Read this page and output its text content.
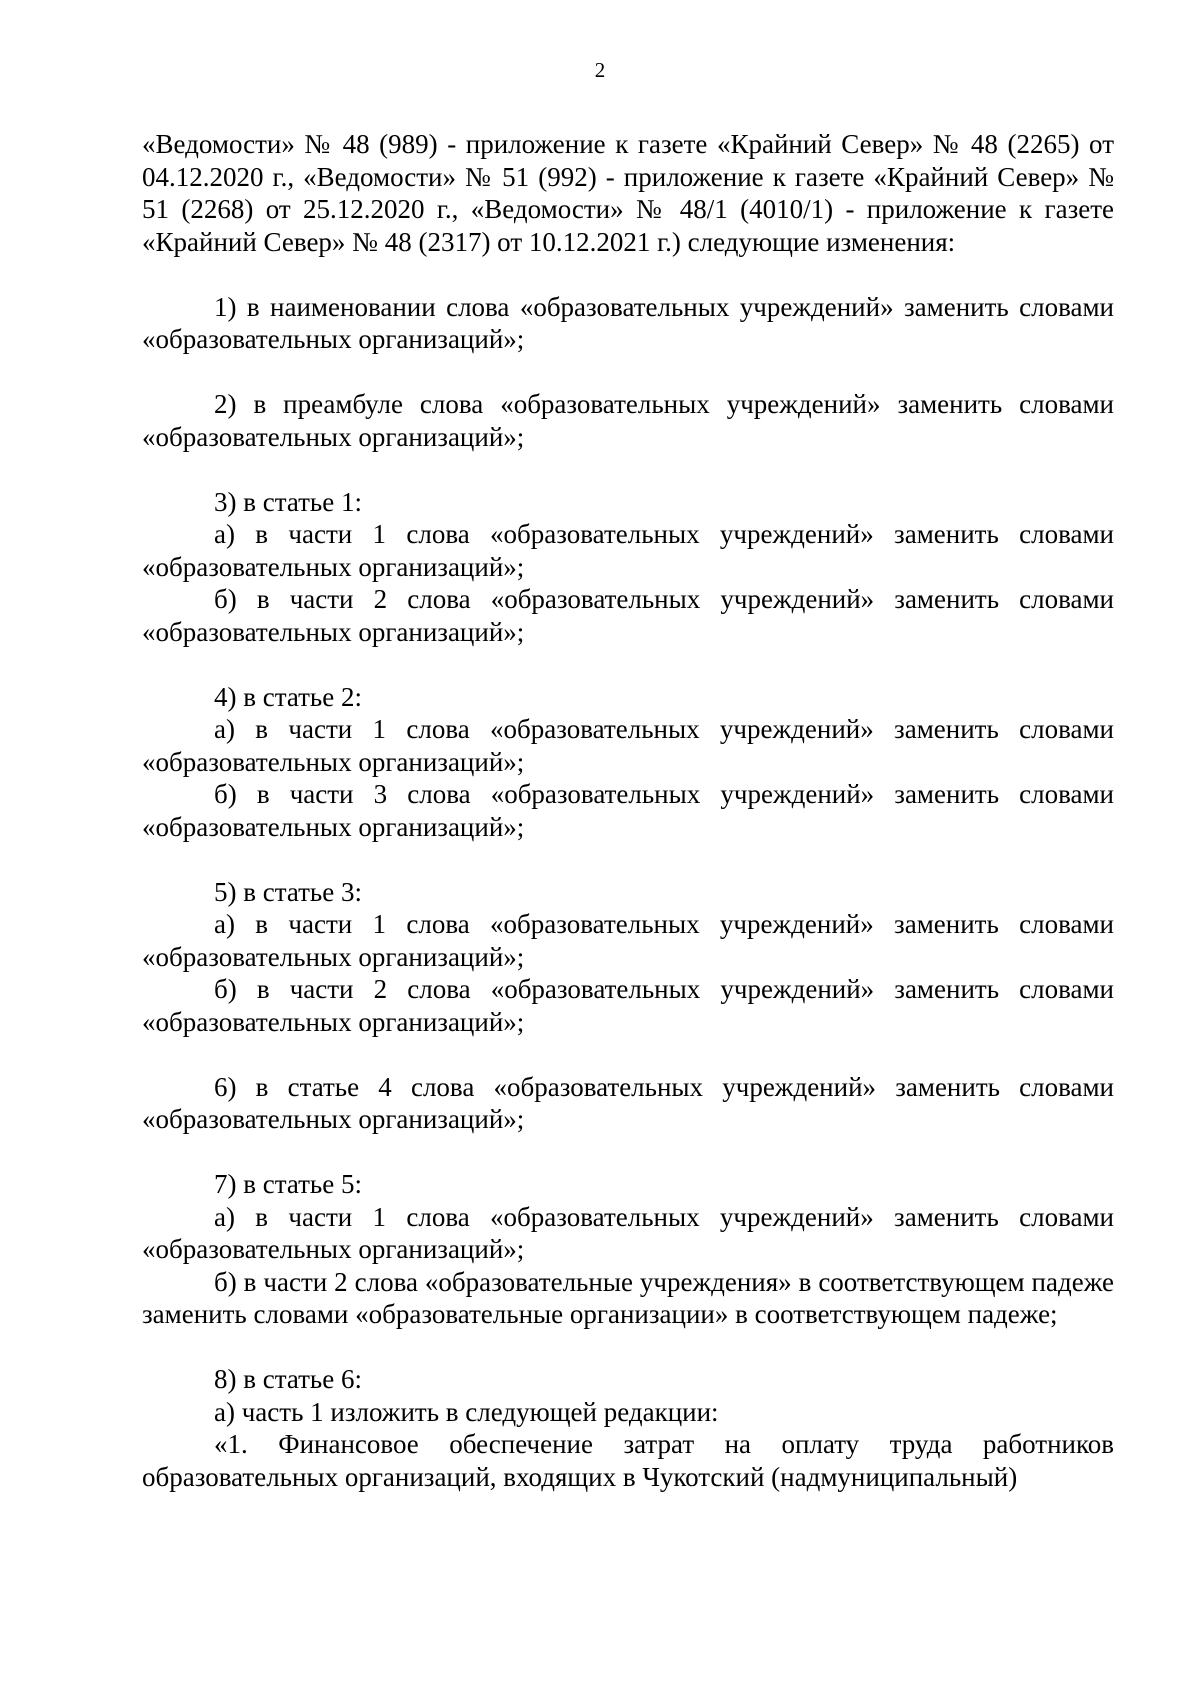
2

«Ведомости» № 48 (989) - приложение к газете «Крайний Север» № 48 (2265) от 04.12.2020 г., «Ведомости» № 51 (992) - приложение к газете «Крайний Север» № 51 (2268) от 25.12.2020 г., «Ведомости» № 48/1 (4010/1) - приложение к газете «Крайний Север» № 48 (2317) от 10.12.2021 г.) следующие изменения:

1) в наименовании слова «образовательных учреждений» заменить словами «образовательных организаций»;

2) в преамбуле слова «образовательных учреждений» заменить словами «образовательных организаций»;

3) в статье 1:

а) в части 1 слова «образовательных учреждений» заменить словами «образовательных организаций»;

б) в части 2 слова «образовательных учреждений» заменить словами «образовательных организаций»;

4) в статье 2:

а) в части 1 слова «образовательных учреждений» заменить словами «образовательных организаций»;

б) в части 3 слова «образовательных учреждений» заменить словами «образовательных организаций»;

5) в статье 3:

а) в части 1 слова «образовательных учреждений» заменить словами «образовательных организаций»;

б) в части 2 слова «образовательных учреждений» заменить словами «образовательных организаций»;

6) в статье 4 слова «образовательных учреждений» заменить словами «образовательных организаций»;

7) в статье 5:

а) в части 1 слова «образовательных учреждений» заменить словами «образовательных организаций»;

б) в части 2 слова «образовательные учреждения» в соответствующем падеже заменить словами «образовательные организации» в соответствующем падеже;

8) в статье 6:

а) часть 1 изложить в следующей редакции:

«1. Финансовое обеспечение затрат на оплату труда работников образовательных организаций, входящих в Чукотский (надмуниципальный)
